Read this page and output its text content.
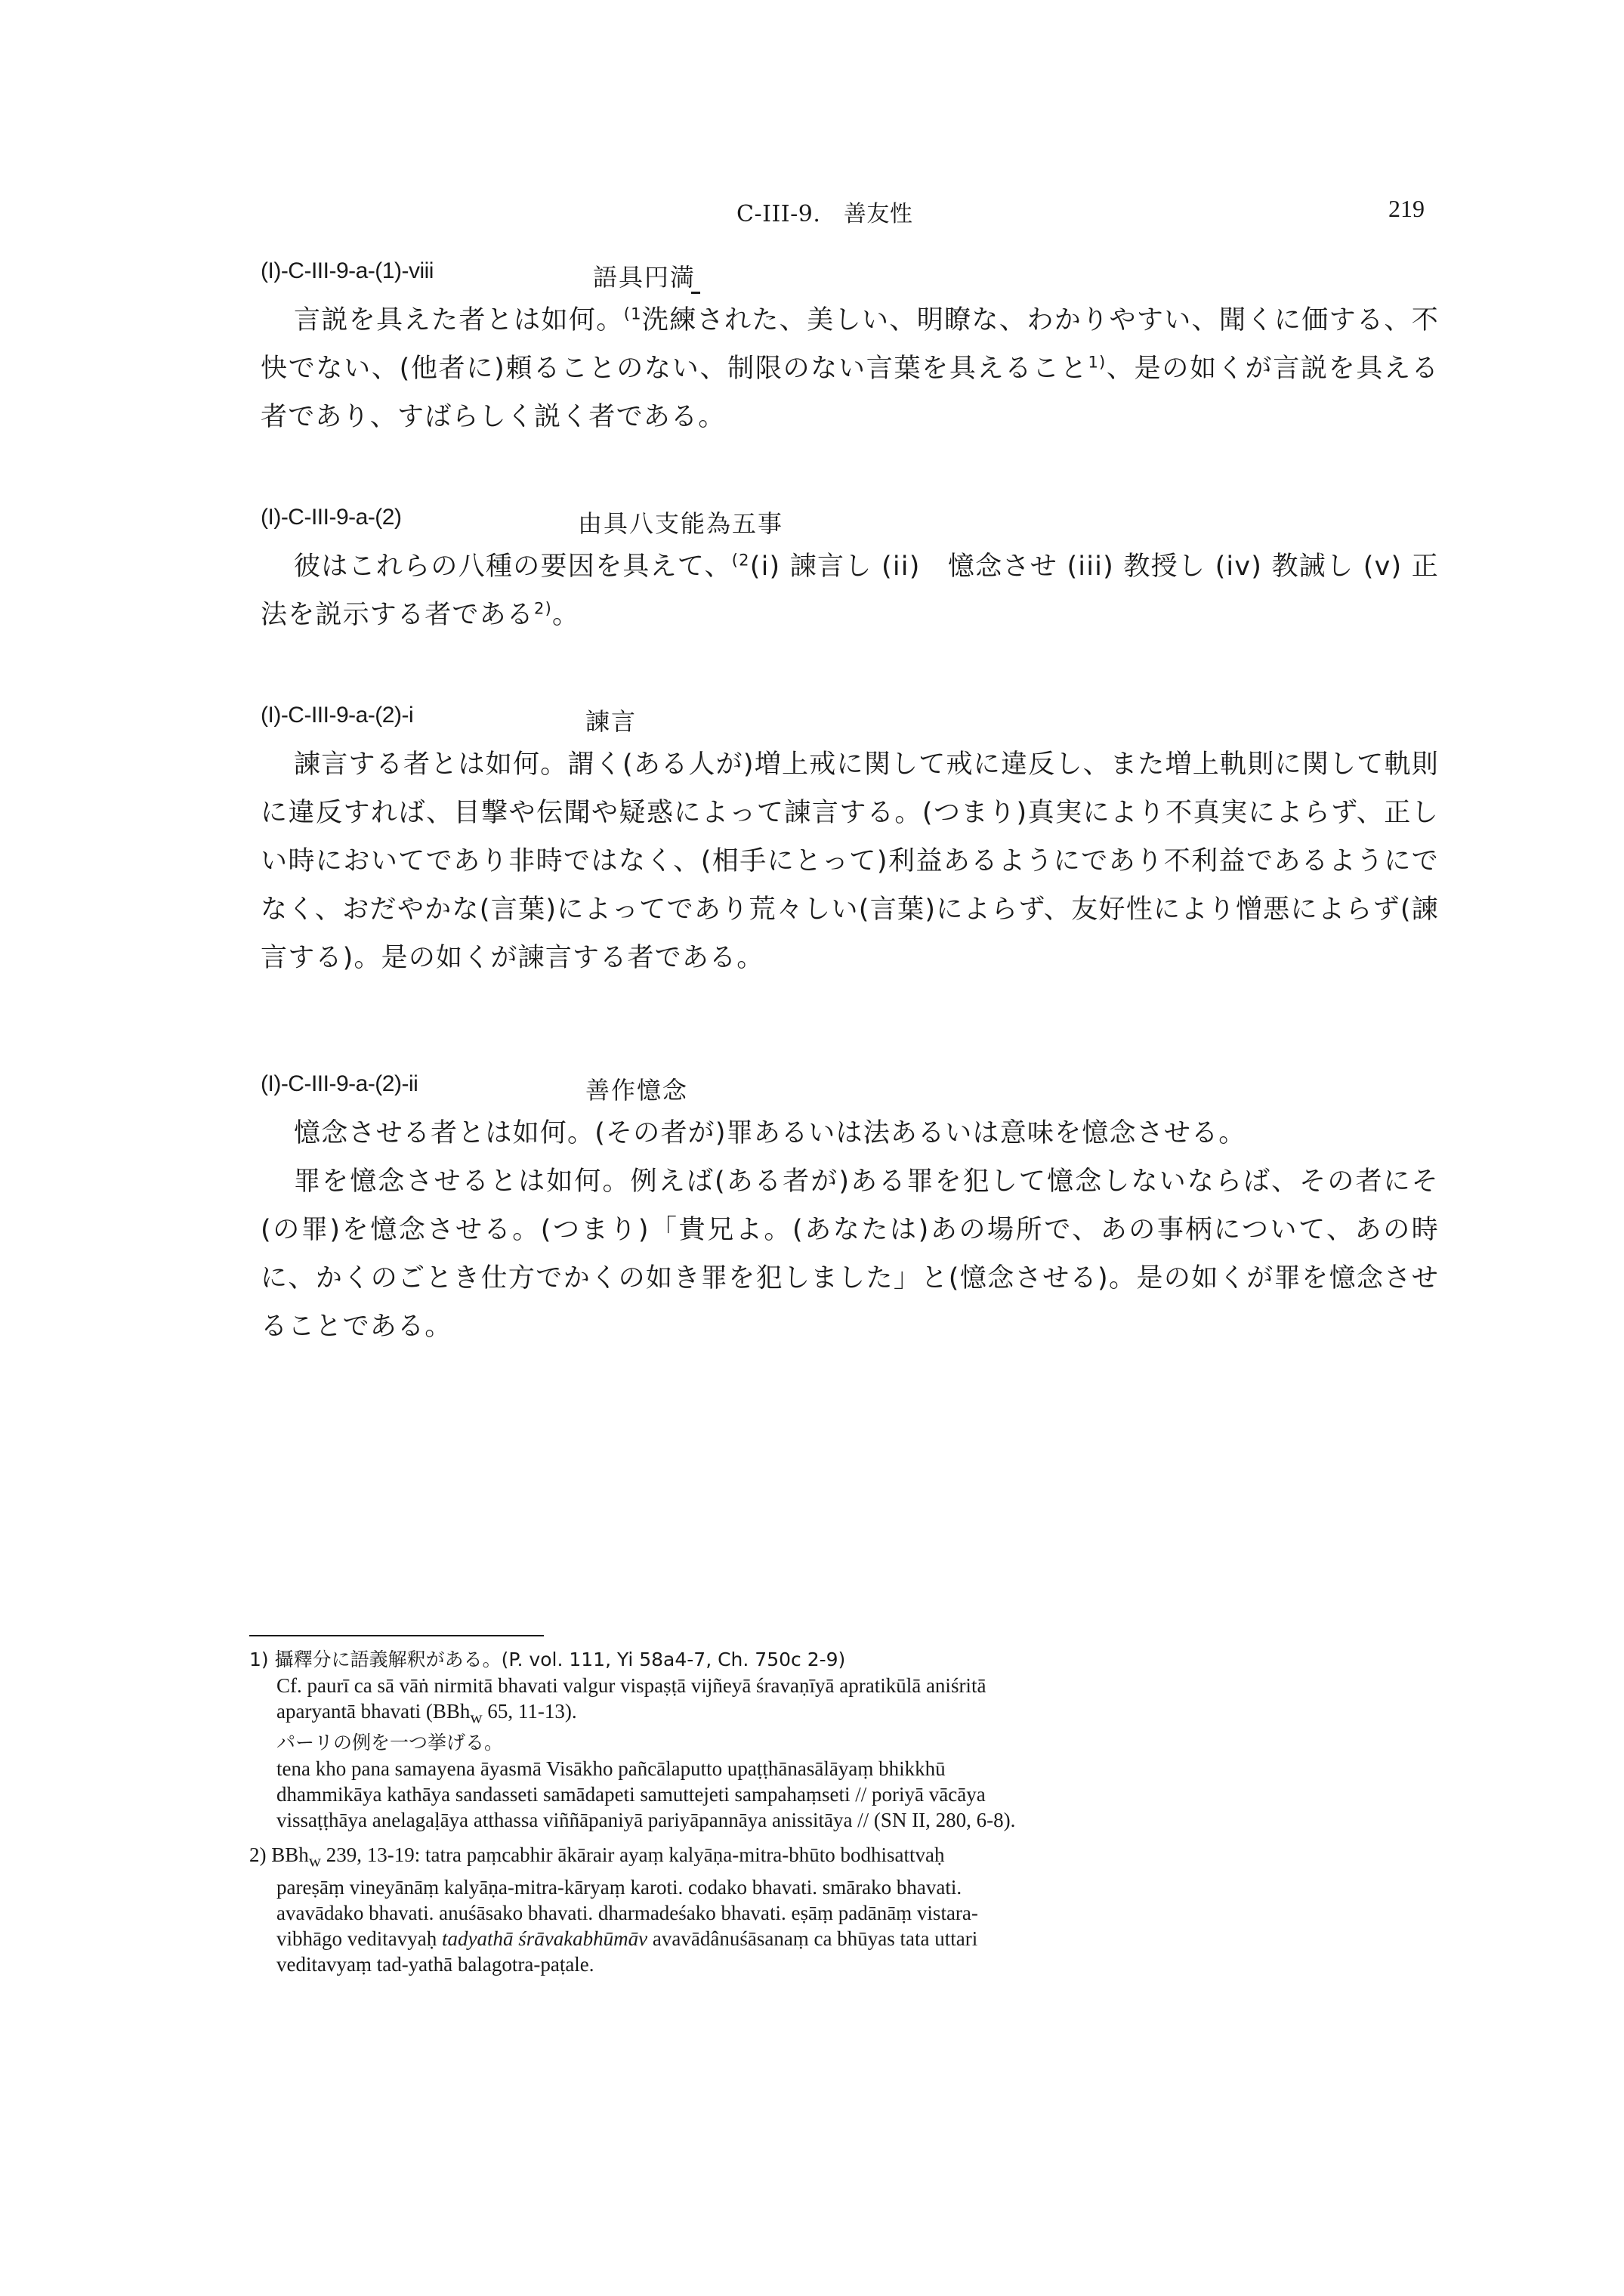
C-III-9.　善友性	219
(I)-C-III-9-a-(1)-viii	語具円満

言説を具えた者とは如何。$^{(1}$洗練された、美しい、明瞭な、わかりやすい、聞くに価する、不快でない、(他者に)頼ることのない、制限のない言葉を具えること$^{1)}$、是の如くが言説を具える者であり、すばらしく説く者である。

(I)-C-III-9-a-(2)	由具八支能為五事

彼はこれらの八種の要因を具えて、$^{(2}$(i) 諫言し (ii)　憶念させ (iii) 教授し (iv) 教誡し (v) 正法を説示する者である$^{2)}$。

(I)-C-III-9-a-(2)-i	諫言

諫言する者とは如何。謂く(ある人が)増上戒に関して戒に違反し、また増上軌則に関して軌則に違反すれば、目撃や伝聞や疑惑によって諫言する。(つまり)真実により不真実によらず、正しい時においてであり非時ではなく、(相手にとって)利益あるようにであり不利益であるようにでなく、おだやかな(言葉)によってであり荒々しい(言葉)によらず、友好性により憎悪によらず(諫言する)。是の如くが諫言する者である。

(I)-C-III-9-a-(2)-ii	善作憶念

憶念させる者とは如何。(その者が)罪あるいは法あるいは意味を憶念させる。

罪を憶念させるとは如何。例えば(ある者が)ある罪を犯して憶念しないならば、その者にそ(の罪)を憶念させる。(つまり)「貴兄よ。(あなたは)あの場所で、あの事柄について、あの時に、かくのごとき仕方でかくの如き罪を犯しました」と(憶念させる)。是の如くが罪を憶念させることである。

1) 攝釋分に語義解釈がある。(P. vol. 111, Yi 58a4-7, Ch. 750c 2-9)
Cf. paurī ca sā vāṅ nirmitā bhavati valgur vispaṣṭā vijñeyā śravaṇīyā apratikūlā aniśritā
aparyantā bhavati (BBh$_w$ 65, 11-13).
パーリの例を一つ挙げる。
tena kho pana samayena āyasmā Visākho pañcālaputto upaṭṭhānasālāyaṃ bhikkhū
dhammikāya kathāya sandasseti samādapeti samuttejeti sampahaṃseti // poriyā vācāya
vissaṭṭhāya anelagaḷāya atthassa viññāpaniyā pariyāpannāya anissitāya // (SN II, 280, 6-8).
2) BBh$_w$ 239, 13-19: tatra paṃcabhir ākārair ayaṃ kalyāṇa-mitra-bhūto bodhisattvaḥ
pareṣāṃ vineyānāṃ kalyāṇa-mitra-kāryaṃ karoti. codako bhavati. smārako bhavati.
avavādako bhavati. anuśāsako bhavati. dharmadeśako bhavati. eṣāṃ padānāṃ vistara-
vibhāgo veditavyaḥ tadyathā śrāvakabhūmāv avavādânuśāsanaṃ ca bhūyas tata uttari
veditavyaṃ tad-yathā balagotra-paṭale.
